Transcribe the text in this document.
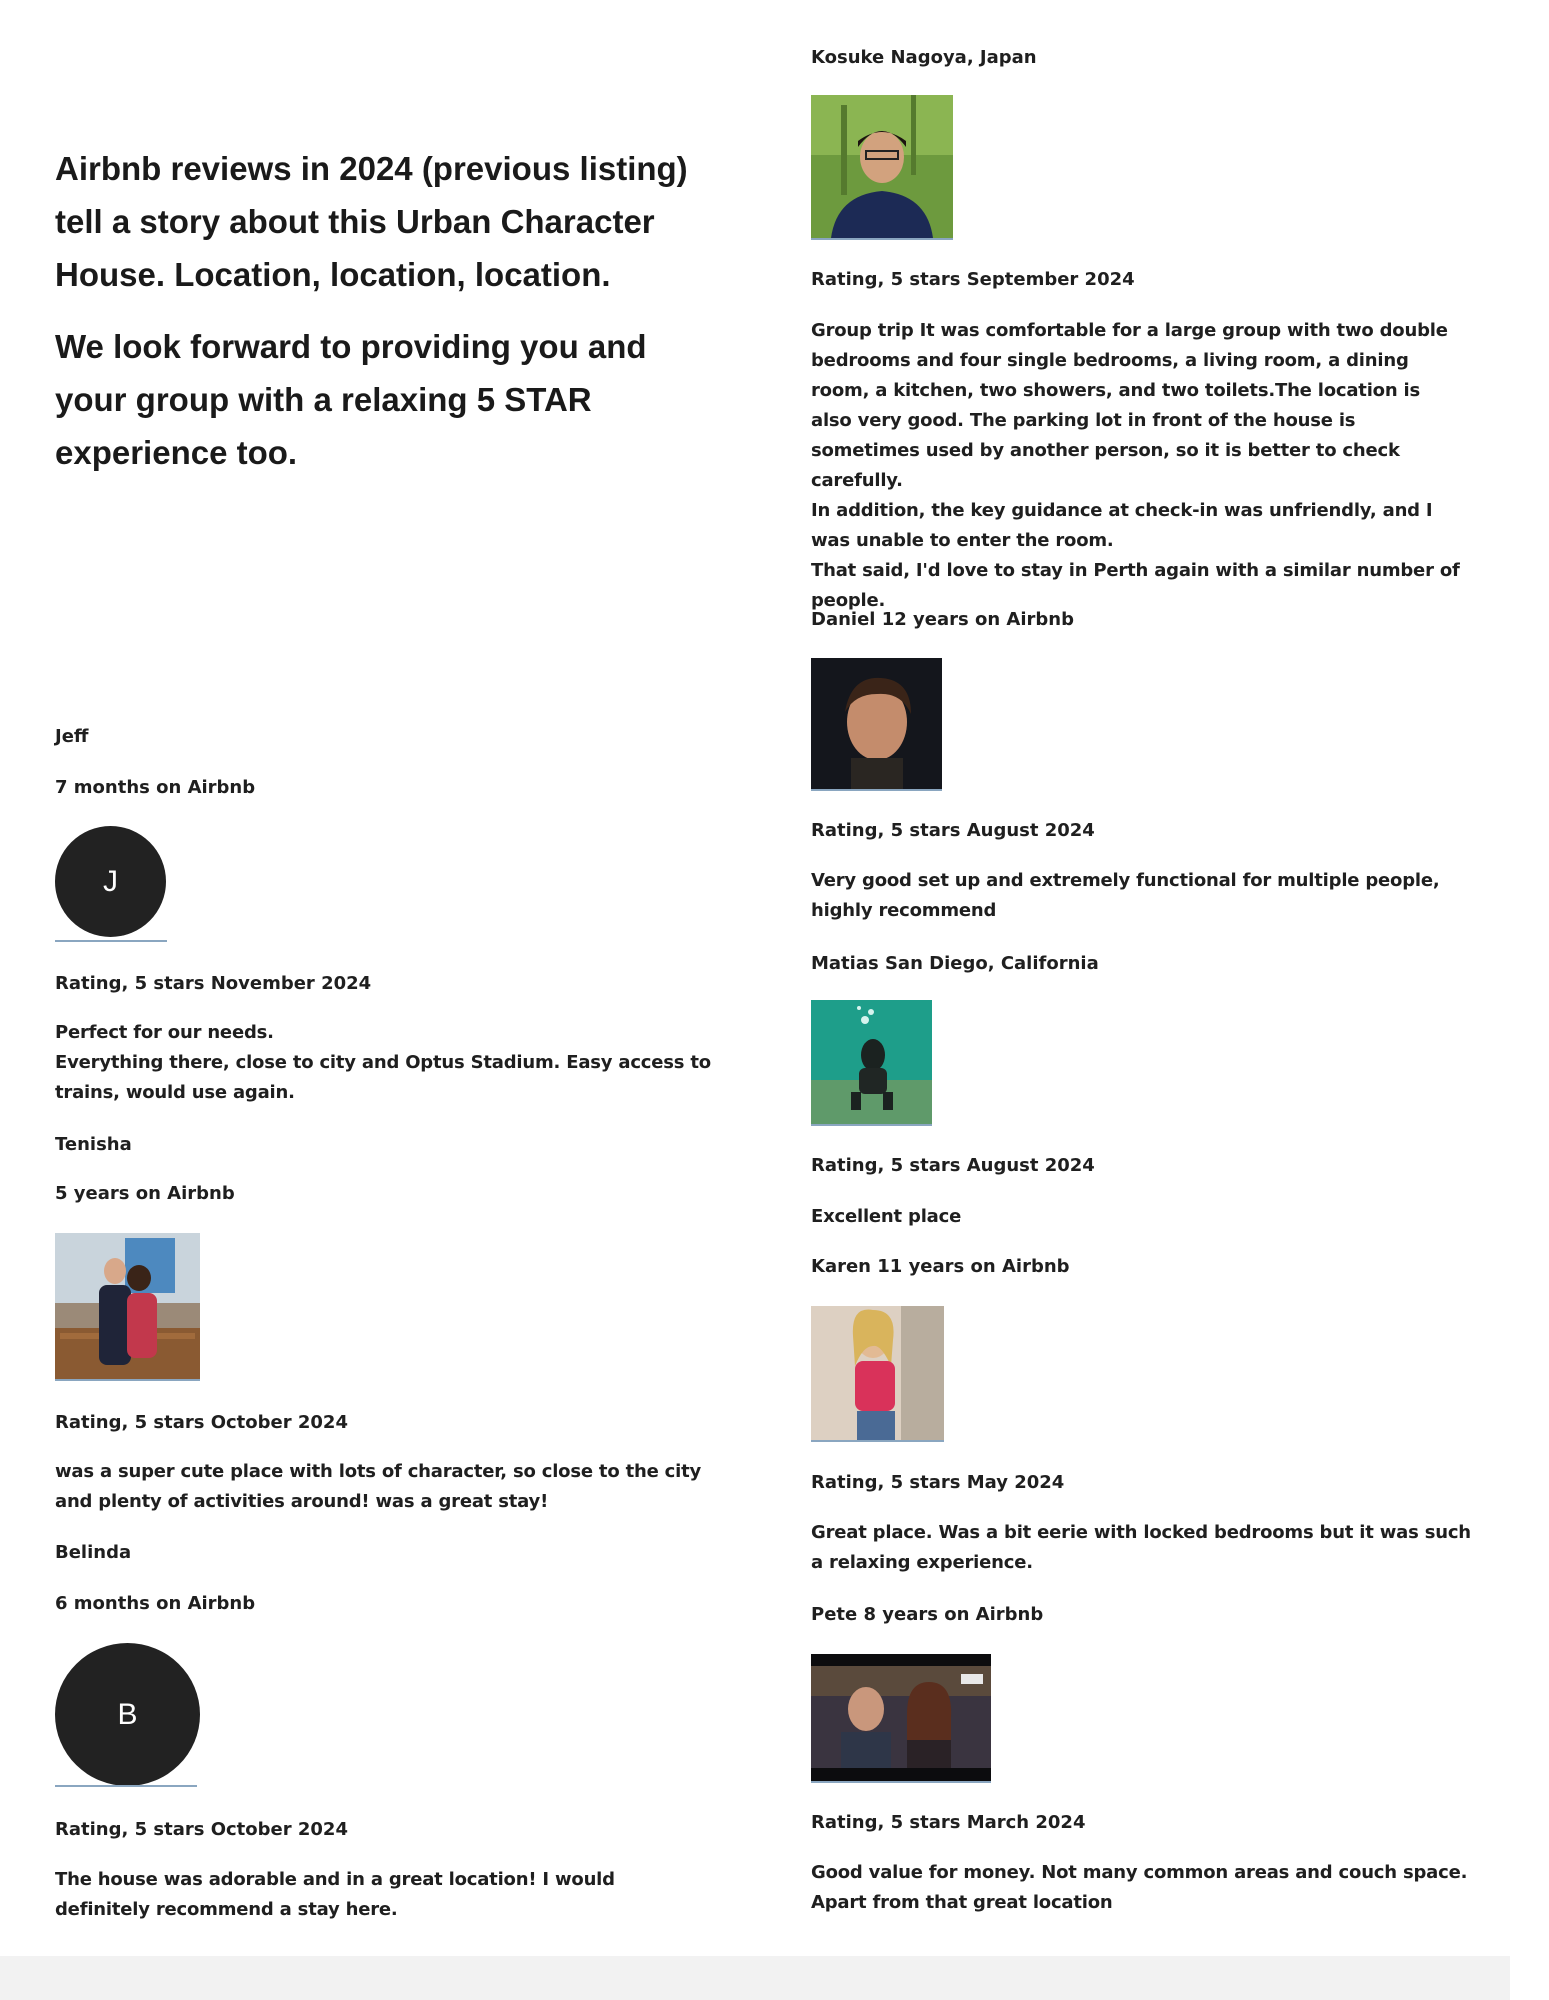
Airbnb reviews in 2024 (previous listing) tell a story about this Urban Character House. Location, location, location.
We look forward to providing you and your group with a relaxing 5 STAR experience too.
Jeff
7 months on Airbnb
J
Rating, 5 stars November 2024

Perfect for our needs.

Everything there, close to city and Optus Stadium. Easy access to trains, would use again.

Tenisha
5 years on Airbnb
Rating, 5 stars October 2024

was a super cute place with lots of character, so close to the city and plenty of activities around! was a great stay!

Belinda
6 months on Airbnb
B
Rating, 5 stars October 2024

The house was adorable and in a great location! I would definitely recommend a stay here.

Kosuke Nagoya, Japan
Rating, 5 stars September 2024

Group trip It was comfortable for a large group with two double bedrooms and four single bedrooms, a living room, a dining room, a kitchen, two showers, and two toilets.The location is also very good. The parking lot in front of the house is sometimes used by another person, so it is better to check carefully.

In addition, the key guidance at check-in was unfriendly, and I was unable to enter the room.

That said, I'd love to stay in Perth again with a similar number of people.

Daniel 12 years on Airbnb
Rating, 5 stars August 2024

Very good set up and extremely functional for multiple people, highly recommend

Matias San Diego, California
Rating, 5 stars August 2024

Excellent place

Karen 11 years on Airbnb
Rating, 5 stars May 2024

Great place. Was a bit eerie with locked bedrooms but it was such a relaxing experience.

Pete 8 years on Airbnb
Rating, 5 stars March 2024

Good value for money. Not many common areas and couch space. Apart from that great location
